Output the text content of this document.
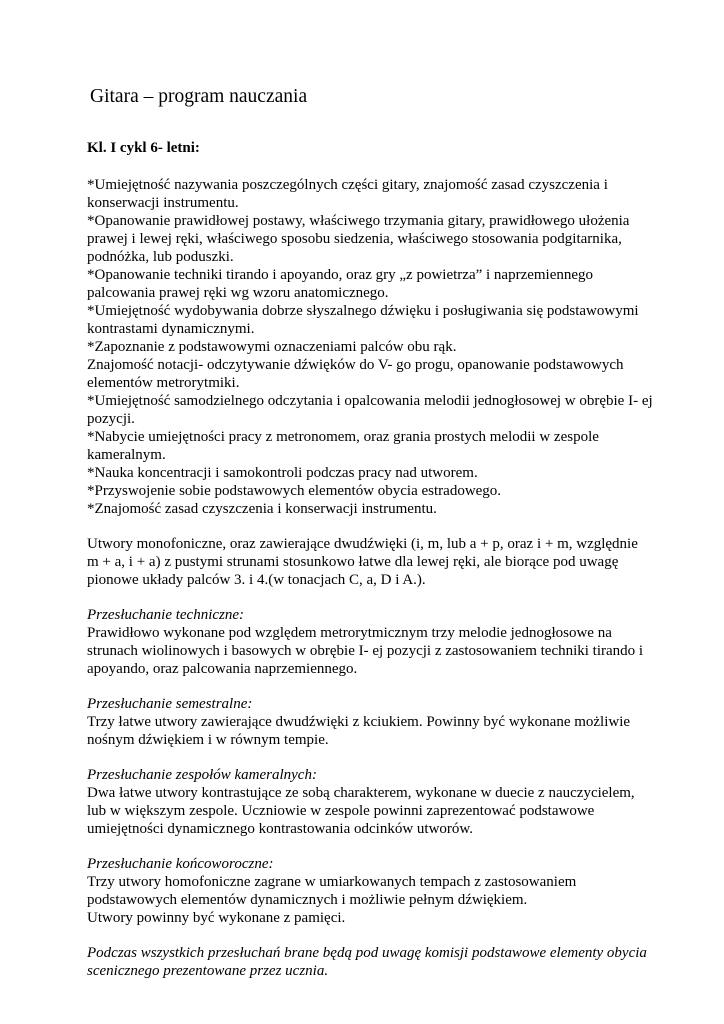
Gitara – program nauczania
Kl. I cykl 6- letni:
*Umiejętność nazywania poszczególnych części gitary, znajomość zasad czyszczenia i
konserwacji instrumentu.
*Opanowanie prawidłowej postawy, właściwego trzymania gitary, prawidłowego ułożenia
prawej i lewej ręki, właściwego sposobu siedzenia, właściwego stosowania podgitarnika,
podnóżka, lub poduszki.
*Opanowanie techniki tirando i apoyando, oraz gry „z powietrza” i naprzemiennego
palcowania prawej ręki wg wzoru anatomicznego.
*Umiejętność wydobywania dobrze słyszalnego dźwięku i posługiwania się podstawowymi
kontrastami dynamicznymi.
*Zapoznanie z podstawowymi oznaczeniami palców obu rąk.
Znajomość notacji- odczytywanie dźwięków do V- go progu, opanowanie podstawowych
elementów metrorytmiki.
*Umiejętność samodzielnego odczytania i opalcowania melodii jednogłosowej w obrębie I- ej
pozycji.
*Nabycie umiejętności pracy z metronomem, oraz grania prostych melodii w zespole
kameralnym.
*Nauka koncentracji i samokontroli podczas pracy nad utworem.
*Przyswojenie sobie podstawowych elementów obycia estradowego.
*Znajomość zasad czyszczenia i konserwacji instrumentu.
Utwory monofoniczne, oraz zawierające dwudźwięki (i, m, lub a + p, oraz i + m, względnie
m + a, i + a) z pustymi strunami stosunkowo łatwe dla lewej ręki, ale biorące pod uwagę
pionowe układy palców 3. i 4.(w tonacjach C, a, D i A.).
Przesłuchanie techniczne:
Prawidłowo wykonane pod względem metrorytmicznym trzy melodie jednogłosowe na
strunach wiolinowych i basowych w obrębie I- ej pozycji z zastosowaniem techniki tirando i
apoyando, oraz palcowania naprzemiennego.
Przesłuchanie semestralne:
Trzy łatwe utwory zawierające dwudźwięki z kciukiem. Powinny być wykonane możliwie
nośnym dźwiękiem i w równym tempie.
Przesłuchanie zespołów kameralnych:
Dwa łatwe utwory kontrastujące ze sobą charakterem, wykonane w duecie z nauczycielem,
lub w większym zespole. Uczniowie w zespole powinni zaprezentować podstawowe
umiejętności dynamicznego kontrastowania odcinków utworów.
Przesłuchanie końcoworoczne:
Trzy utwory homofoniczne zagrane w umiarkowanych tempach z zastosowaniem
podstawowych elementów dynamicznych i możliwie pełnym dźwiękiem.
Utwory powinny być wykonane z pamięci.
Podczas wszystkich przesłuchań brane będą pod uwagę komisji podstawowe elementy obycia
scenicznego prezentowane przez ucznia.
